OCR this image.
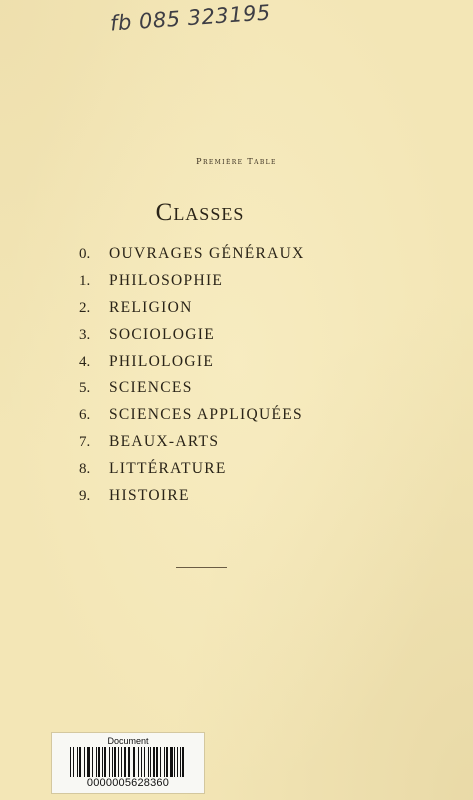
fb 085 323195
Première Table
Classes
0.	OUVRAGES GÉNÉRAUX
1.	PHILOSOPHIE
2.	RELIGION
3.	SOCIOLOGIE
4.	PHILOLOGIE
5.	SCIENCES
6.	SCIENCES APPLIQUÉES
7.	BEAUX-ARTS
8.	LITTÉRATURE
9.	HISTOIRE
Document
0000005628360
